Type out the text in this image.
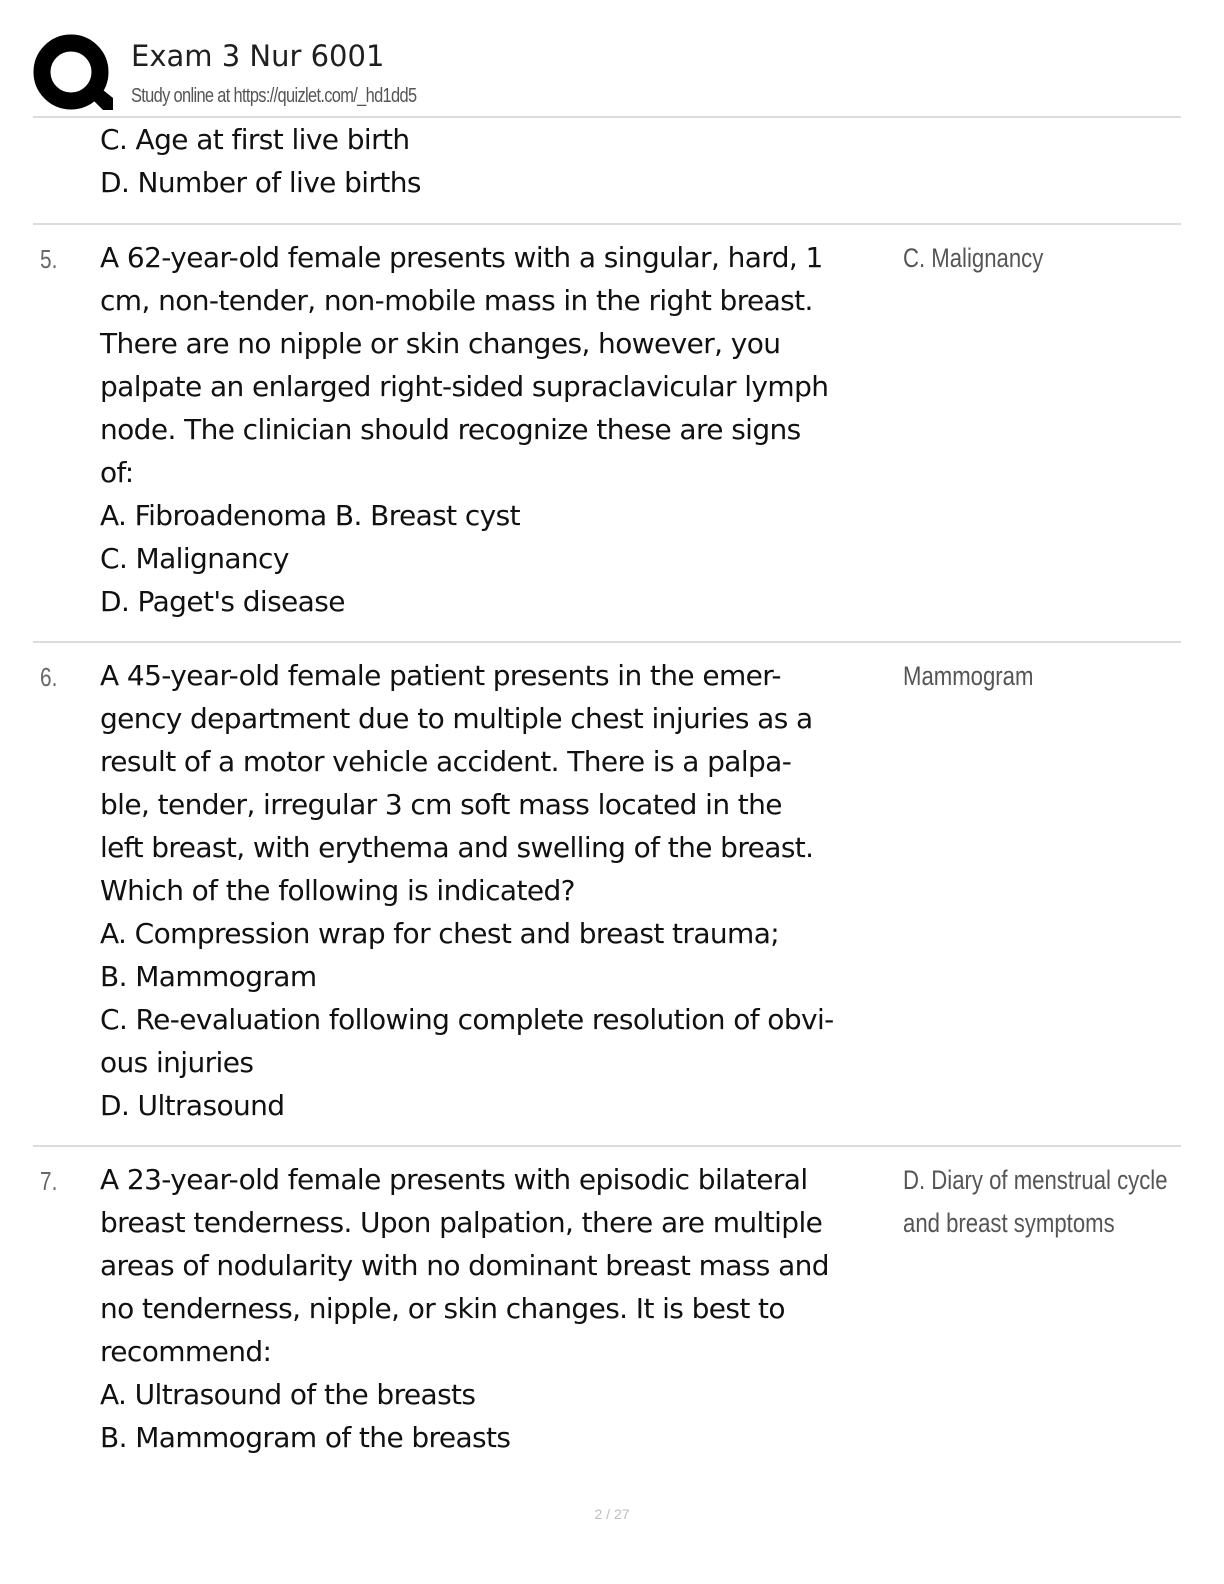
Exam 3 Nur 6001
Study online at https://quizlet.com/_hd1dd5
C. Age at first live birth
D. Number of live births
5. A 62-year-old female presents with a singular, hard, 1
cm, non-tender, non-mobile mass in the right breast.
There are no nipple or skin changes, however, you
palpate an enlarged right-sided supraclavicular lymph
node. The clinician should recognize these are signs
of:
A. Fibroadenoma B. Breast cyst
C. Malignancy
D. Paget's disease
C. Malignancy
6. A 45-year-old female patient presents in the emer-
gency department due to multiple chest injuries as a
result of a motor vehicle accident. There is a palpa-
ble, tender, irregular 3 cm soft mass located in the
left breast, with erythema and swelling of the breast.
Which of the following is indicated?
A. Compression wrap for chest and breast trauma;
B. Mammogram
C. Re-evaluation following complete resolution of obvi-
ous injuries
D. Ultrasound
Mammogram
7. A 23-year-old female presents with episodic bilateral
breast tenderness. Upon palpation, there are multiple
areas of nodularity with no dominant breast mass and
no tenderness, nipple, or skin changes. It is best to
recommend:
A. Ultrasound of the breasts
B. Mammogram of the breasts
D. Diary of menstrual cycle
and breast symptoms
2 / 27
